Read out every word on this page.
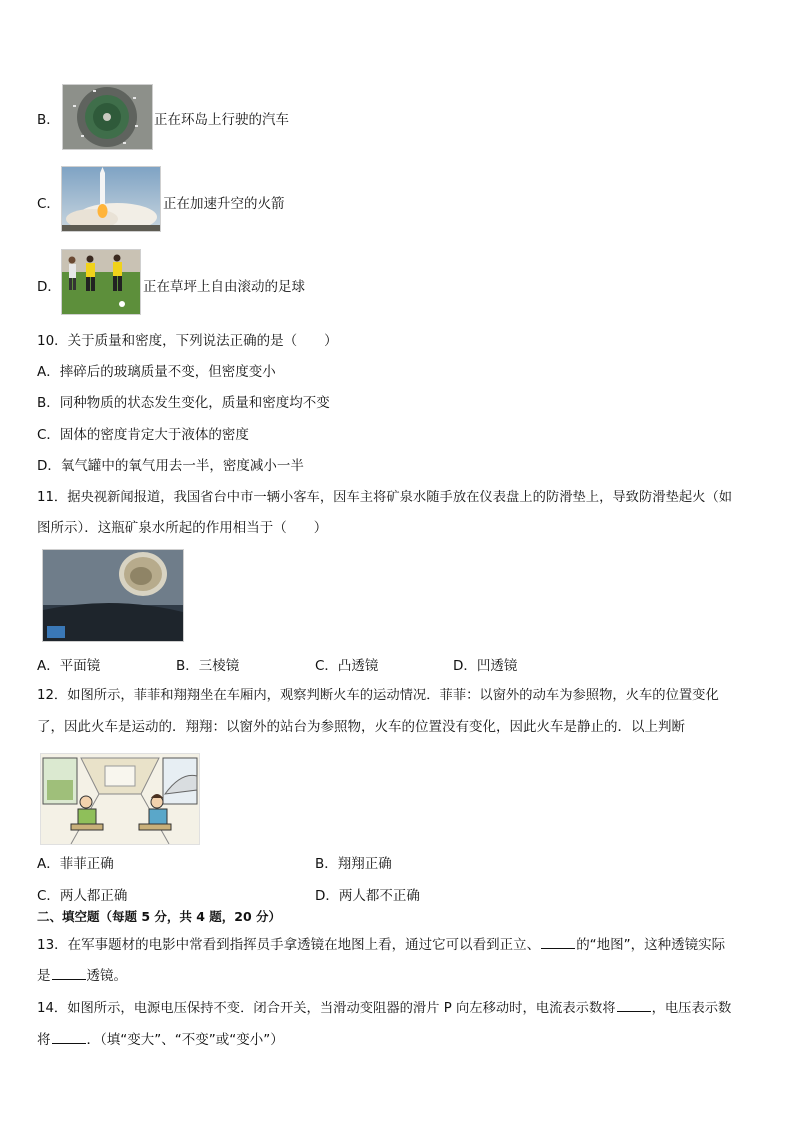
B．	正在环岛上行驶的汽车
C．	正在加速升空的火箭
D．	正在草坪上自由滚动的足球
10．关于质量和密度，下列说法正确的是（　　）
A．摔碎后的玻璃质量不变，但密度变小
B．同种物质的状态发生变化，质量和密度均不变
C．固体的密度肯定大于液体的密度
D．氧气罐中的氧气用去一半，密度减小一半
11．据央视新闻报道，我国省台中市一辆小客车，因车主将矿泉水随手放在仪表盘上的防滑垫上，导致防滑垫起火（如
图所示）．这瓶矿泉水所起的作用相当于（　　）
A．平面镜	B．三棱镜	C．凸透镜	D．凹透镜
12．如图所示，菲菲和翔翔坐在车厢内，观察判断火车的运动情况．菲菲：以窗外的动车为参照物，火车的位置变化
了，因此火车是运动的．翔翔：以窗外的站台为参照物，火车的位置没有变化，因此火车是静止的．以上判断
A．菲菲正确	B．翔翔正确
C．两人都正确	D．两人都不正确
二、填空题（每题 5 分，共 4 题，20 分）
13．在军事题材的电影中常看到指挥员手拿透镜在地图上看，通过它可以看到正立、	的“地图”，这种透镜实际
是	透镜。
14．如图所示，电源电压保持不变．闭合开关，当滑动变阻器的滑片 P 向左移动时，电流表示数将	，电压表示数
将	．（填“变大”、“不变”或“变小”）
